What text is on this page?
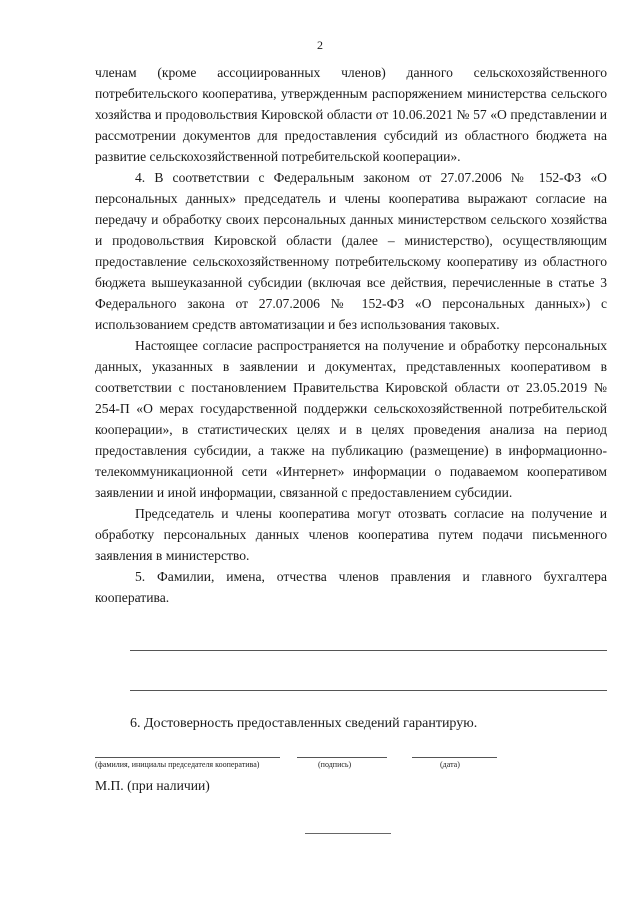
2

членам (кроме ассоциированных членов) данного сельскохозяйственного потребительского кооператива, утвержденным распоряжением министерства сельского хозяйства и продовольствия Кировской области от 10.06.2021 № 57 «О представлении и рассмотрении документов для предоставления субсидий из областного бюджета на развитие сельскохозяйственной потребительской кооперации».

4. В соответствии с Федеральным законом от 27.07.2006 № 152-ФЗ «О персональных данных» председатель и члены кооператива выражают согласие на передачу и обработку своих персональных данных министерством сельского хозяйства и продовольствия Кировской области (далее – министерство), осуществляющим предоставление сельскохозяйственному потребительскому кооперативу из областного бюджета вышеуказанной субсидии (включая все действия, перечисленные в статье 3 Федерального закона от 27.07.2006 № 152-ФЗ «О персональных данных») с использованием средств автоматизации и без использования таковых.

Настоящее согласие распространяется на получение и обработку персональных данных, указанных в заявлении и документах, представленных кооперативом в соответствии с постановлением Правительства Кировской области от 23.05.2019 № 254-П «О мерах государственной поддержки сельскохозяйственной потребительской кооперации», в статистических целях и в целях проведения анализа на период предоставления субсидии, а также на публикацию (размещение) в информационно-телекоммуникационной сети «Интернет» информации о подаваемом кооперативом заявлении и иной информации, связанной с предоставлением субсидии.

Председатель и члены кооператива могут отозвать согласие на получение и обработку персональных данных членов кооператива путем подачи письменного заявления в министерство.

5. Фамилии, имена, отчества членов правления и главного бухгалтера кооператива.

6. Достоверность предоставленных сведений гарантирую.
(фамилия, инициалы председателя кооператива)	(подпись)	(дата)
М.П. (при наличии)
